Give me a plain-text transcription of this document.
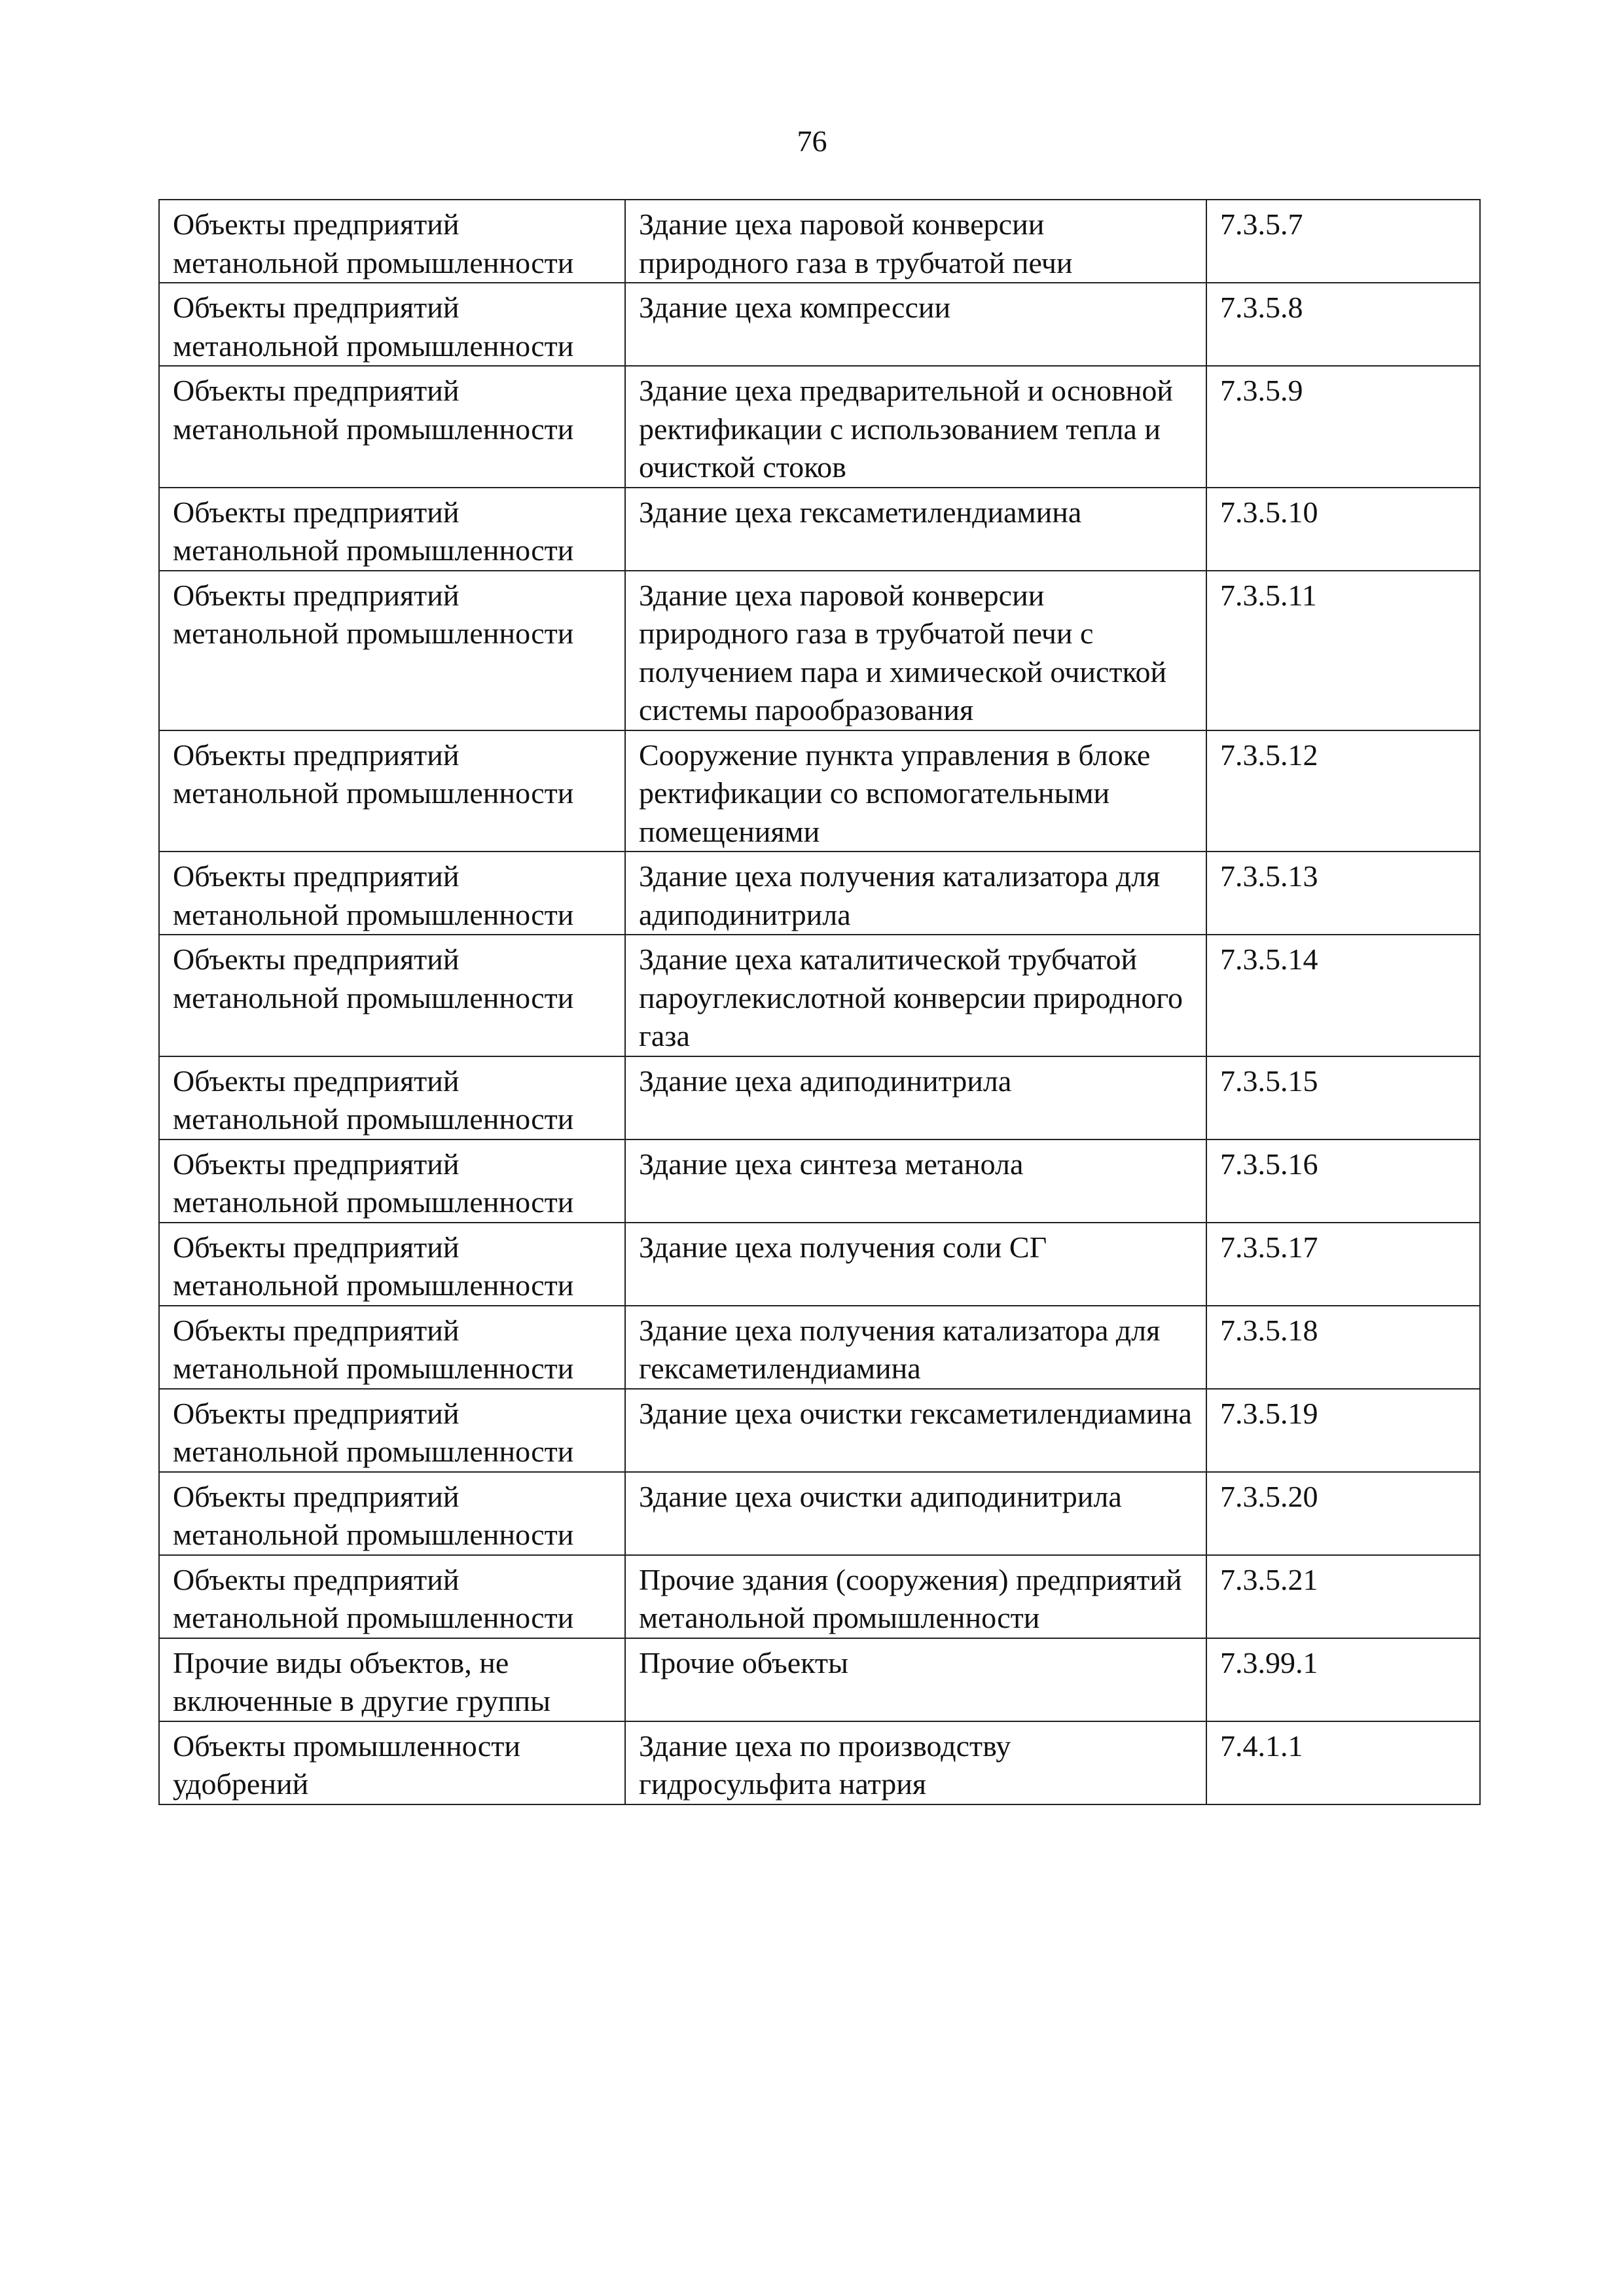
76
Объекты предприятий метанольной промышленности	Здание цеха паровой конверсии природного газа в трубчатой печи	7.3.5.7
Объекты предприятий метанольной промышленности	Здание цеха компрессии	7.3.5.8
Объекты предприятий метанольной промышленности	Здание цеха предварительной и основной ректификации с использованием тепла и очисткой стоков	7.3.5.9
Объекты предприятий метанольной промышленности	Здание цеха гексаметилендиамина	7.3.5.10
Объекты предприятий метанольной промышленности	Здание цеха паровой конверсии природного газа в трубчатой печи с получением пара и химической очисткой системы парообразования	7.3.5.11
Объекты предприятий метанольной промышленности	Сооружение пункта управления в блоке ректификации со вспомогательными помещениями	7.3.5.12
Объекты предприятий метанольной промышленности	Здание цеха получения катализатора для адиподинитрила	7.3.5.13
Объекты предприятий метанольной промышленности	Здание цеха каталитической трубчатой пароуглекислотной конверсии природного газа	7.3.5.14
Объекты предприятий метанольной промышленности	Здание цеха адиподинитрила	7.3.5.15
Объекты предприятий метанольной промышленности	Здание цеха синтеза метанола	7.3.5.16
Объекты предприятий метанольной промышленности	Здание цеха получения соли СГ	7.3.5.17
Объекты предприятий метанольной промышленности	Здание цеха получения катализатора для гексаметилендиамина	7.3.5.18
Объекты предприятий метанольной промышленности	Здание цеха очистки гексаметилендиамина	7.3.5.19
Объекты предприятий метанольной промышленности	Здание цеха очистки адиподинитрила	7.3.5.20
Объекты предприятий метанольной промышленности	Прочие здания (сооружения) предприятий метанольной промышленности	7.3.5.21
Прочие виды объектов, не включенные в другие группы	Прочие объекты	7.3.99.1
Объекты промышленности удобрений	Здание цеха по производству гидросульфита натрия	7.4.1.1
